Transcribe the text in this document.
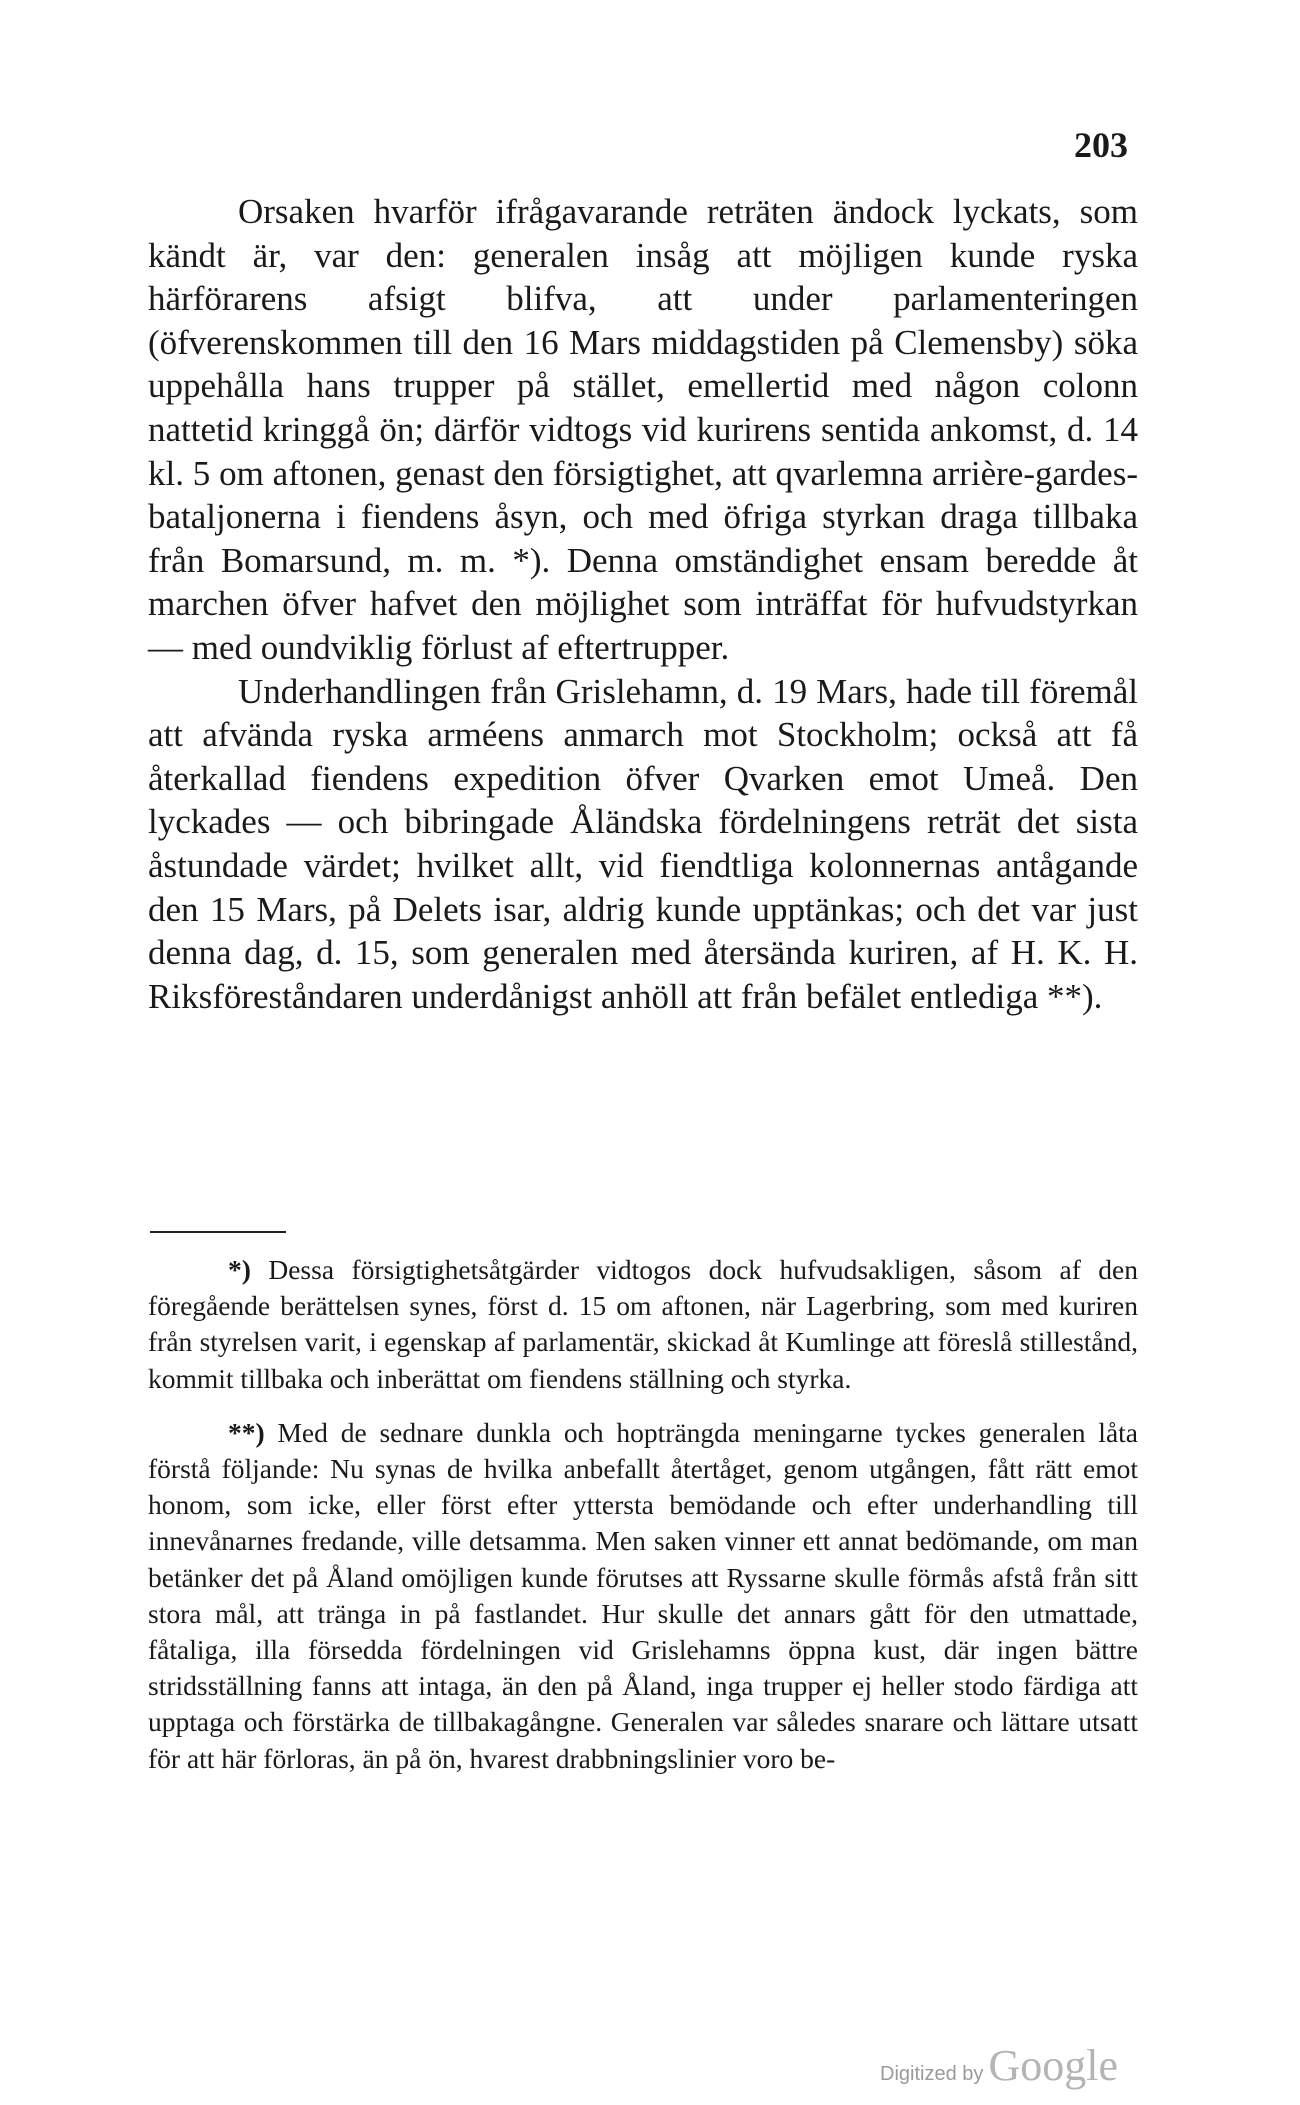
203

Orsaken hvarför ifrågavarande reträten ändock lyckats, som kändt är, var den: generalen insåg att möjligen kunde ryska härförarens afsigt blifva, att under parlamenteringen (öfverenskommen till den 16 Mars middagstiden på Clemensby) söka uppehålla hans trupper på stället, emellertid med någon colonn nattetid kringgå ön; därför vidtogs vid kurirens sentida ankomst, d. 14 kl. 5 om aftonen, genast den försigtighet, att qvarlemna arrière-gardes-bataljonerna i fiendens åsyn, och med öfriga styrkan draga tillbaka från Bomarsund, m. m. *). Denna omständighet ensam beredde åt marchen öfver hafvet den möjlighet som inträffat för hufvudstyrkan — med oundviklig förlust af eftertrupper.

Underhandlingen från Grislehamn, d. 19 Mars, hade till föremål att afvända ryska arméens anmarch mot Stockholm; också att få återkallad fiendens expedition öfver Qvarken emot Umeå. Den lyckades — och bibringade Åländska fördelningens reträt det sista åstundade värdet; hvilket allt, vid fiendtliga kolonnernas antågande den 15 Mars, på Delets isar, aldrig kunde upptänkas; och det var just denna dag, d. 15, som generalen med återsända kuriren, af H. K. H. Riksföreståndaren underdånigst anhöll att från befälet entlediga **).

*) Dessa försigtighetsåtgärder vidtogos dock hufvudsakligen, såsom af den föregående berättelsen synes, först d. 15 om aftonen, när Lagerbring, som med kuriren från styrelsen varit, i egenskap af parlamentär, skickad åt Kumlinge att föreslå stillestånd, kommit tillbaka och inberättat om fiendens ställning och styrka.

**) Med de sednare dunkla och hopträngda meningarne tyckes generalen låta förstå följande: Nu synas de hvilka anbefallt återtåget, genom utgången, fått rätt emot honom, som icke, eller först efter yttersta bemödande och efter underhandling till innevånarnes fredande, ville detsamma. Men saken vinner ett annat bedömande, om man betänker det på Åland omöjligen kunde förutses att Ryssarne skulle förmås afstå från sitt stora mål, att tränga in på fastlandet. Hur skulle det annars gått för den utmattade, fåtaliga, illa försedda fördelningen vid Grislehamns öppna kust, där ingen bättre stridsställning fanns att intaga, än den på Åland, inga trupper ej heller stodo färdiga att upptaga och förstärka de tillbakagångne. Generalen var således snarare och lättare utsatt för att här förloras, än på ön, hvarest drabbningslinier voro be-

Digitized by Google
